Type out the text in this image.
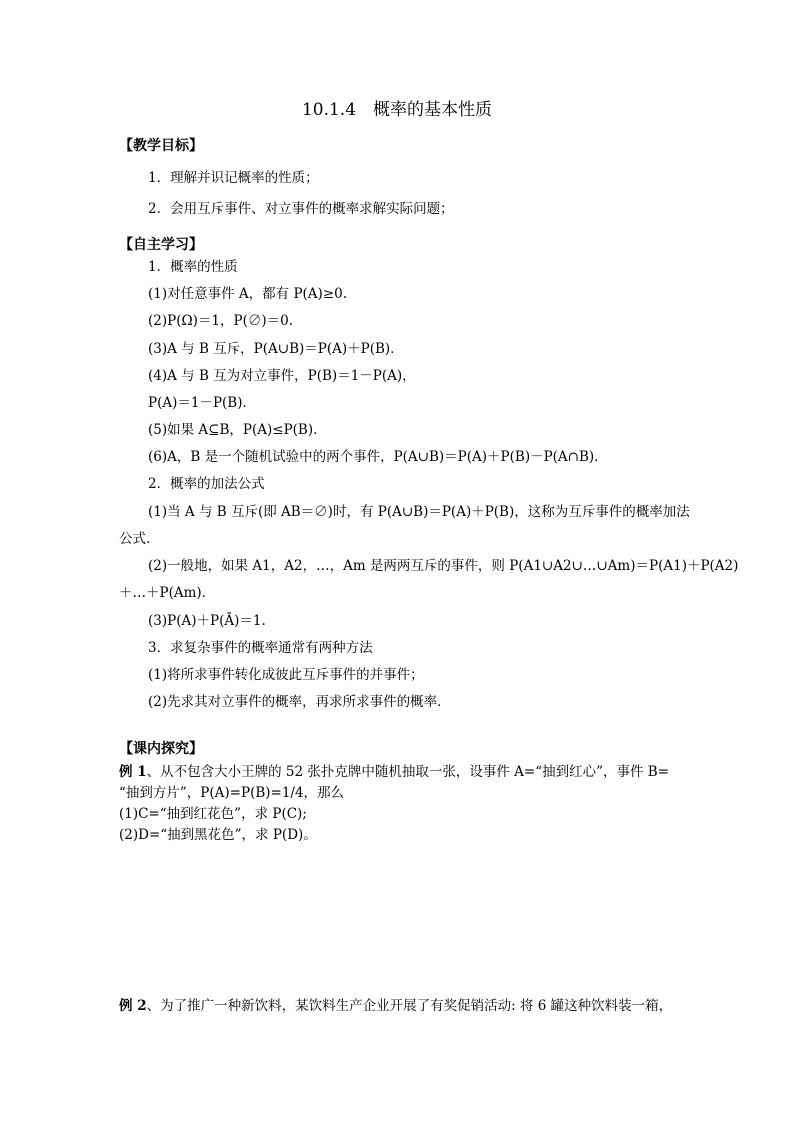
10.1.4　概率的基本性质
【教学目标】
1．理解并识记概率的性质；
2．会用互斥事件、对立事件的概率求解实际问题；
【自主学习】
1．概率的性质
(1)对任意事件 A，都有 P(A)≥0.
(2)P(Ω)＝1，P(∅)＝0.
(3)A 与 B 互斥，P(A∪B)＝P(A)＋P(B)．
(4)A 与 B 互为对立事件，P(B)＝1－P(A)，
P(A)＝1－P(B)．
(5)如果 A⊆B，P(A)≤P(B)．
(6)A，B 是一个随机试验中的两个事件，P(A∪B)＝P(A)＋P(B)－P(A∩B)．
2．概率的加法公式
(1)当 A 与 B 互斥(即 AB＝∅)时，有 P(A∪B)＝P(A)＋P(B)，这称为互斥事件的概率加法
公式．
(2)一般地，如果 A1，A2，…，Am 是两两互斥的事件，则 P(A1∪A2∪…∪Am)＝P(A1)＋P(A2)
＋…＋P(Am)．
(3)P(A)＋P(Ā)＝1.
3．求复杂事件的概率通常有两种方法
(1)将所求事件转化成彼此互斥事件的并事件；
(2)先求其对立事件的概率，再求所求事件的概率．
【课内探究】
例 1、从不包含大小王牌的 52 张扑克牌中随机抽取一张，设事件 A=“抽到红心”，事件 B=
“抽到方片”，P(A)=P(B)=1/4，那么
(1)C=“抽到红花色”，求 P(C);
(2)D=“抽到黑花色”，求 P(D)。
例 2、为了推广一种新饮料，某饮料生产企业开展了有奖促销活动: 将 6 罐这种饮料装一箱，
